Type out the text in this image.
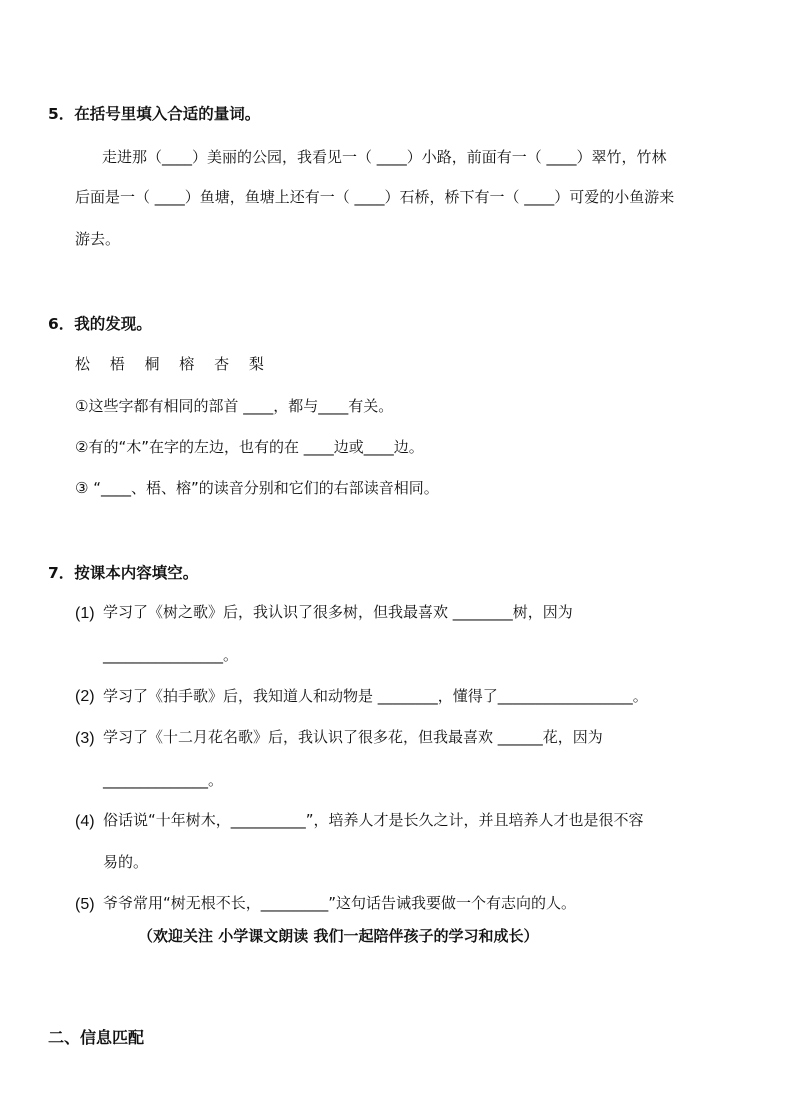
5．在括号里填入合适的量词。
走进那（____）美丽的公园，我看见一（ ____）小路，前面有一（ ____）翠竹，竹林
后面是一（ ____）鱼塘，鱼塘上还有一（ ____）石桥，桥下有一（ ____）可爱的小鱼游来
游去。
6．我的发现。
松　 梧　 桐　 榕　 杏　 梨
①这些字都有相同的部首 ____，都与____有关。
②有的“木”在字的左边，也有的在 ____边或____边。
③ “____、梧、榕”的读音分别和它们的右部读音相同。
7．按课本内容填空。
(1) 学习了《树之歌》后，我认识了很多树，但我最喜欢 ________树，因为
________________。
(2) 学习了《拍手歌》后，我知道人和动物是 ________，懂得了__________________。
(3) 学习了《十二月花名歌》后，我认识了很多花，但我最喜欢 ______花，因为
______________。
(4) 俗话说“十年树木，__________”，培养人才是长久之计，并且培养人才也是很不容
易的。
(5) 爷爷常用“树无根不长，_________”这句话告诫我要做一个有志向的人。
（欢迎关注 小学课文朗读 我们一起陪伴孩子的学习和成长）
二、信息匹配
